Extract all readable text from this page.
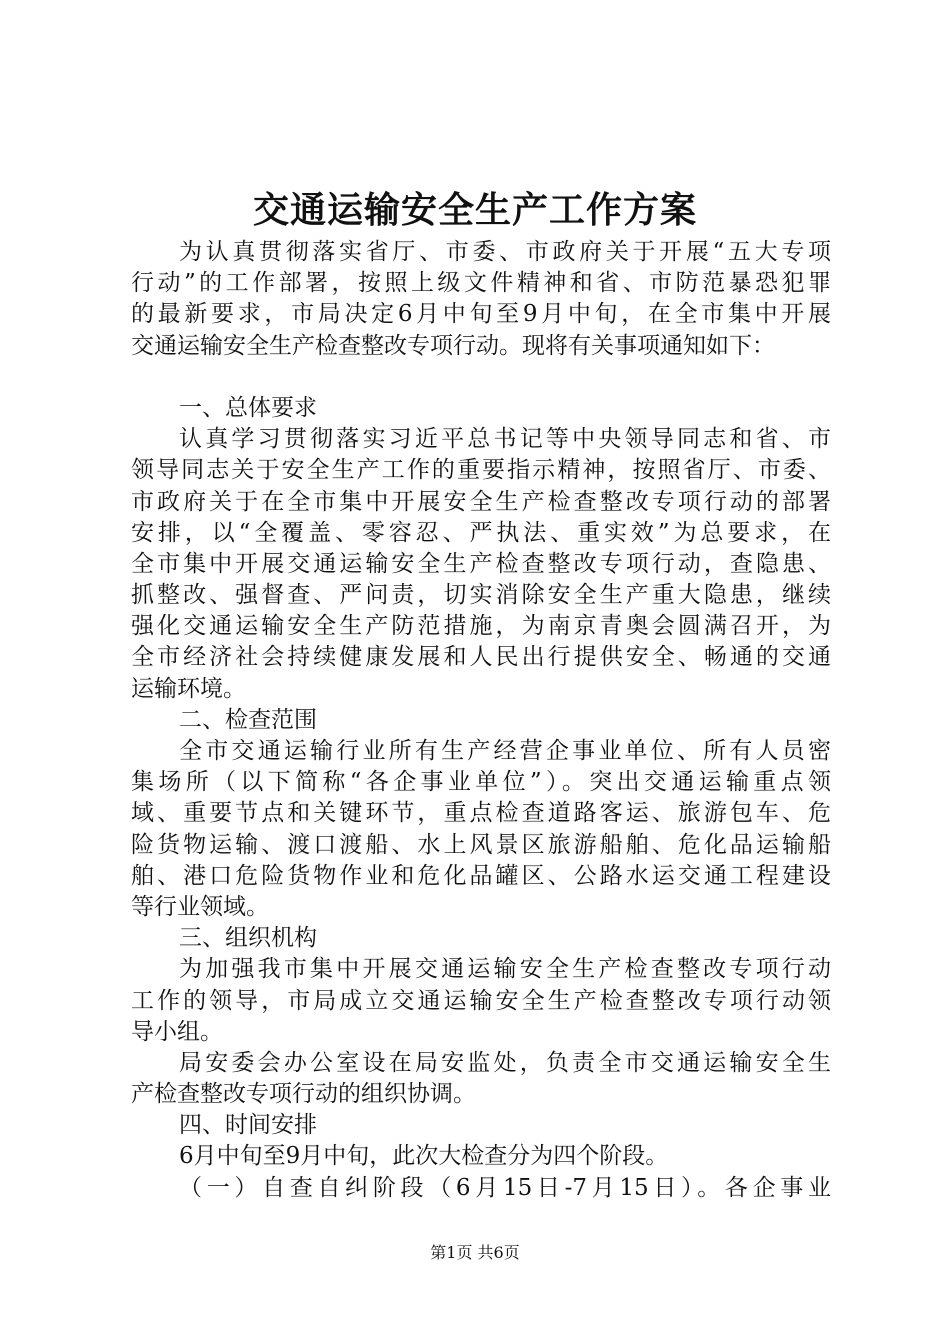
交通运输安全生产工作方案
为认真贯彻落实省厅、市委、市政府关于开展“五大专项
行动”的工作部署，按照上级文件精神和省、市防范暴恐犯罪
的最新要求，市局决定6月中旬至9月中旬，在全市集中开展
交通运输安全生产检查整改专项行动。现将有关事项通知如下：
一、总体要求
认真学习贯彻落实习近平总书记等中央领导同志和省、市
领导同志关于安全生产工作的重要指示精神，按照省厅、市委、
市政府关于在全市集中开展安全生产检查整改专项行动的部署
安排，以“全覆盖、零容忍、严执法、重实效”为总要求，在
全市集中开展交通运输安全生产检查整改专项行动，查隐患、
抓整改、强督查、严问责，切实消除安全生产重大隐患，继续
强化交通运输安全生产防范措施，为南京青奥会圆满召开，为
全市经济社会持续健康发展和人民出行提供安全、畅通的交通
运输环境。
二、检查范围
全市交通运输行业所有生产经营企事业单位、所有人员密
集场所（以下简称“各企事业单位”）。突出交通运输重点领
域、重要节点和关键环节，重点检查道路客运、旅游包车、危
险货物运输、渡口渡船、水上风景区旅游船舶、危化品运输船
舶、港口危险货物作业和危化品罐区、公路水运交通工程建设
等行业领域。
三、组织机构
为加强我市集中开展交通运输安全生产检查整改专项行动
工作的领导，市局成立交通运输安全生产检查整改专项行动领
导小组。
局安委会办公室设在局安监处，负责全市交通运输安全生
产检查整改专项行动的组织协调。
四、时间安排
6月中旬至9月中旬，此次大检查分为四个阶段。
（一）自查自纠阶段（6月15日-7月15日）。各企事业
第1页 共6页
